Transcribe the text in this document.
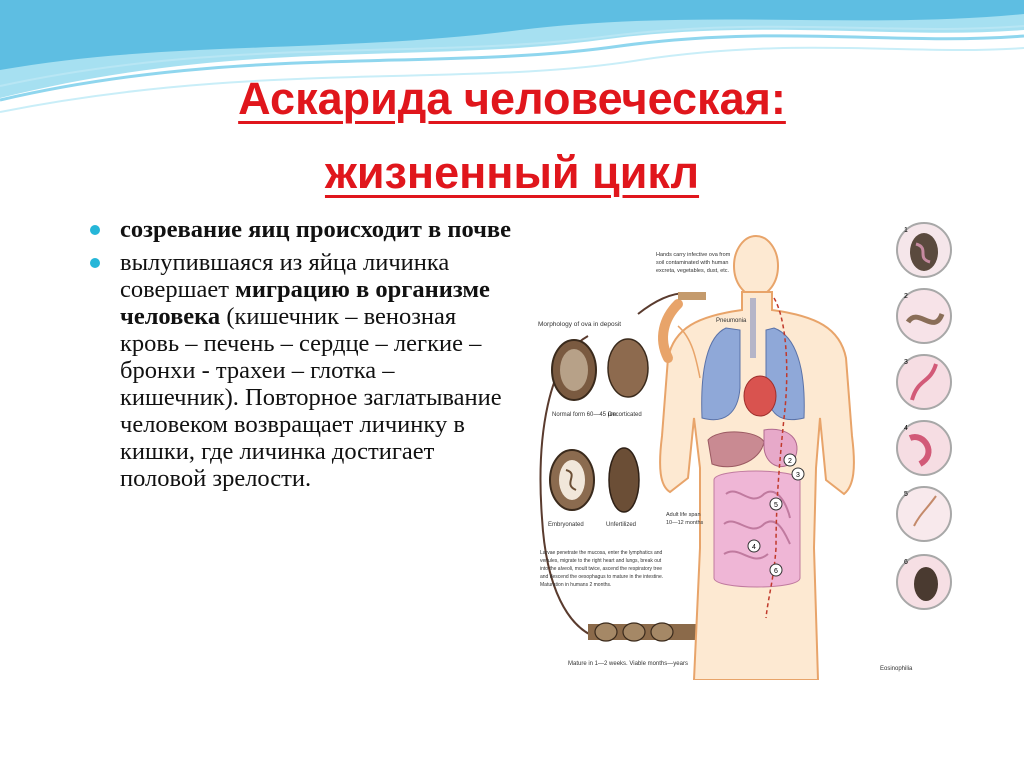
Аскарида человеческая:
жизненный цикл
созревание яиц происходит в почве
вылупившаяся из яйца личинка совершает миграцию в организме человека (кишечник – венозная кровь – печень – сердце – легкие – бронхи - трахеи – глотка – кишечник). Повторное заглатывание человеком возвращает личинку в кишки, где личинка достигает половой зрелости.
Morphology of ova in deposit
Normal form 60—45 μm
Decorticated
Embryonated	Unfertilized
Mature in 1—2 weeks. Viable months—years
Pneumonia
2
3
4
5
6
Hands carry infective ova from
soil contaminated with human
excreta, vegetables, dust, etc.
Adult life span
10—12 months
Larvae penetrate the mucosa, enter the lymphatics and
venules, migrate to the right heart and lungs, break out
into the alveoli, moult twice, ascend the respiratory tree
and descend the oesophagus to mature in the intestine.
Maturation in humans 2 months.
Eosinophilia
1
2
3
4
5
6
